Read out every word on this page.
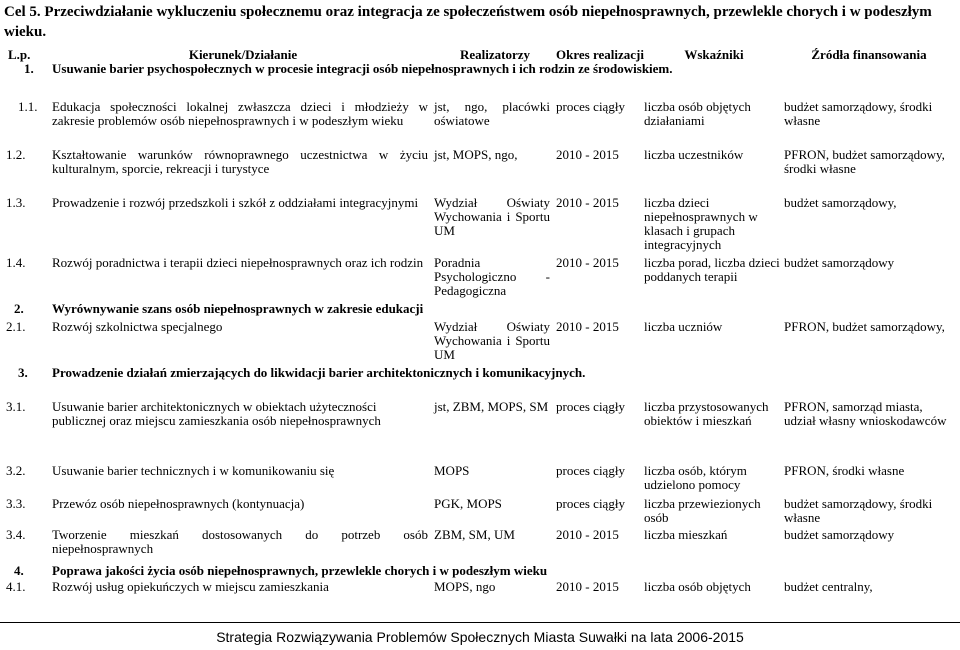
Cel 5. Przeciwdziałanie wykluczeniu społecznemu oraz integracja ze społeczeństwem osób niepełnosprawnych, przewlekle chorych i w podeszłym wieku.
L.p.	Kierunek/Działanie	Realizatorzy	Okres realizacji	Wskaźniki	Źródła finansowania
1.	Usuwanie barier psychospołecznych w procesie integracji osób niepełnosprawnych i ich rodzin ze środowiskiem.				

1.1.	Edukacja społeczności lokalnej zwłaszcza dzieci i młodzieży w zakresie problemów osób niepełnosprawnych i w podeszłym wieku	jst, ngo, placówki oświatowe	proces ciągły	liczba osób objętych działaniami	budżet samorządowy, środki własne
1.2.	Kształtowanie warunków równoprawnego uczestnictwa w życiu kulturalnym, sporcie, rekreacji i turystyce	jst, MOPS, ngo,	2010 - 2015	liczba uczestników	PFRON, budżet samorządowy, środki własne
1.3.	Prowadzenie i rozwój przedszkoli i szkół z oddziałami integracyjnymi	Wydział Oświaty Wychowania i Sportu UM	2010 - 2015	liczba dzieci niepełnosprawnych w klasach i grupach integracyjnych	budżet samorządowy,
1.4.	Rozwój poradnictwa i terapii dzieci niepełnosprawnych oraz ich rodzin	Poradnia Psychologiczno - Pedagogiczna	2010 - 2015	liczba porad, liczba dzieci poddanych terapii	budżet samorządowy
2.	Wyrównywanie szans osób niepełnosprawnych w zakresie edukacji				
2.1.	Rozwój szkolnictwa specjalnego	Wydział Oświaty Wychowania i Sportu UM	2010 - 2015	liczba uczniów	PFRON, budżet samorządowy,
3.	Prowadzenie działań zmierzających do likwidacji barier architektonicznych i komunikacyjnych.				

3.1.	Usuwanie barier architektonicznych w obiektach użyteczności publicznej oraz miejscu zamieszkania osób niepełnosprawnych	jst, ZBM, MOPS, SM	proces ciągły	liczba przystosowanych obiektów i mieszkań	PFRON, samorząd miasta, udział własny wnioskodawców
3.2.	Usuwanie barier technicznych i w komunikowaniu się	MOPS	proces ciągły	liczba osób, którym udzielono pomocy	PFRON, środki własne
3.3.	Przewóz osób niepełnosprawnych (kontynuacja)	PGK, MOPS	proces ciągły	liczba przewiezionych osób	budżet samorządowy, środki własne
3.4.	Tworzenie mieszkań dostosowanych do potrzeb osób niepełnosprawnych	ZBM, SM, UM	2010 - 2015	liczba mieszkań	budżet samorządowy
4.	Poprawa jakości życia osób niepełnosprawnych, przewlekle chorych i w podeszłym wieku				
4.1.	Rozwój usług opiekuńczych w miejscu zamieszkania	MOPS, ngo	2010 - 2015	liczba osób objętych	budżet centralny,
Strategia Rozwiązywania Problemów Społecznych Miasta Suwałki na lata 2006-2015
